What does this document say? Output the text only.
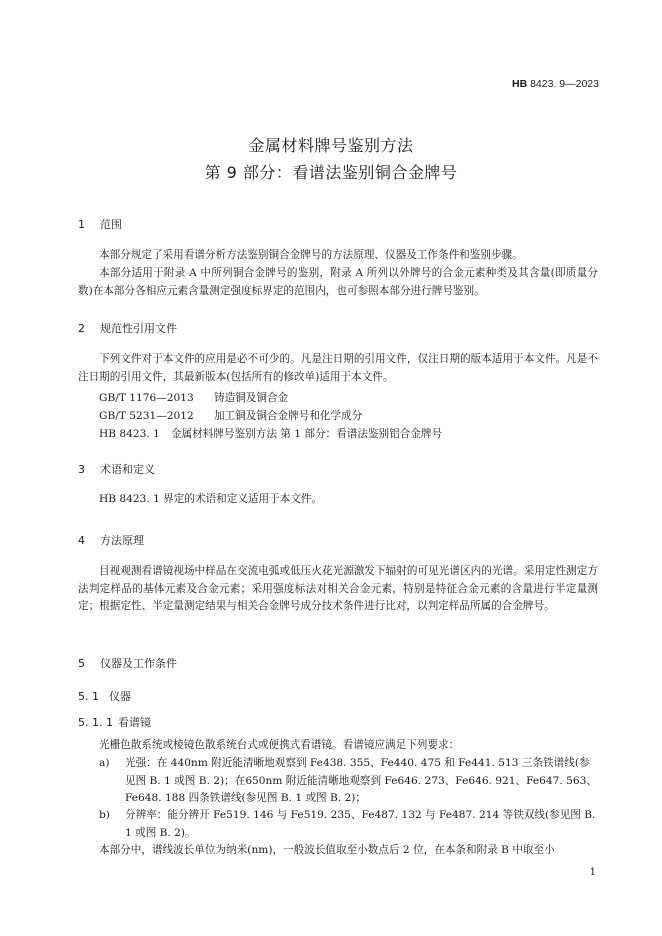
HB 8423. 9—2023
金属材料牌号鉴别方法
第 9 部分：看谱法鉴别铜合金牌号
1 范围
本部分规定了采用看谱分析方法鉴别铜合金牌号的方法原理、仪器及工作条件和鉴别步骤。
本部分适用于附录 A 中所列铜合金牌号的鉴别，附录 A 所列以外牌号的合金元素种类及其含量(即质量分数)在本部分各相应元素含量测定强度标界定的范围内，也可参照本部分进行牌号鉴别。
2 规范性引用文件
下列文件对于本文件的应用是必不可少的。凡是注日期的引用文件，仅注日期的版本适用于本文件。凡是不注日期的引用文件，其最新版本(包括所有的修改单)适用于本文件。
GB/T 1176—2013 铸造铜及铜合金
GB/T 5231—2012 加工铜及铜合金牌号和化学成分
HB 8423. 1 金属材料牌号鉴别方法 第 1 部分：看谱法鉴别铝合金牌号
3 术语和定义
HB 8423. 1 界定的术语和定义适用于本文件。
4 方法原理
目视观测看谱镜视场中样品在交流电弧或低压火花光源激发下辐射的可见光谱区内的光谱。采用定性测定方法判定样品的基体元素及合金元素；采用强度标法对相关合金元素，特别是特征合金元素的含量进行半定量测定；根据定性、半定量测定结果与相关合金牌号成分技术条件进行比对，以判定样品所属的合金牌号。
5 仪器及工作条件
5. 1 仪器
5. 1. 1 看谱镜
光栅色散系统或棱镜色散系统台式或便携式看谱镜。看谱镜应满足下列要求：
a) 光强：在 440nm 附近能清晰地观察到 Fe438. 355、Fe440. 475 和 Fe441. 513 三条铁谱线(参见图 B. 1 或图 B. 2)；在650nm 附近能清晰地观察到 Fe646. 273、Fe646. 921、Fe647. 563、Fe648. 188 四条铁谱线(参见图 B. 1 或图 B. 2)；
b) 分辨率：能分辨开 Fe519. 146 与 Fe519. 235、Fe487. 132 与 Fe487. 214 等铁双线(参见图 B. 1 或图 B. 2)。
本部分中，谱线波长单位为纳米(nm)，一般波长值取至小数点后 2 位，在本条和附录 B 中取至小
1
